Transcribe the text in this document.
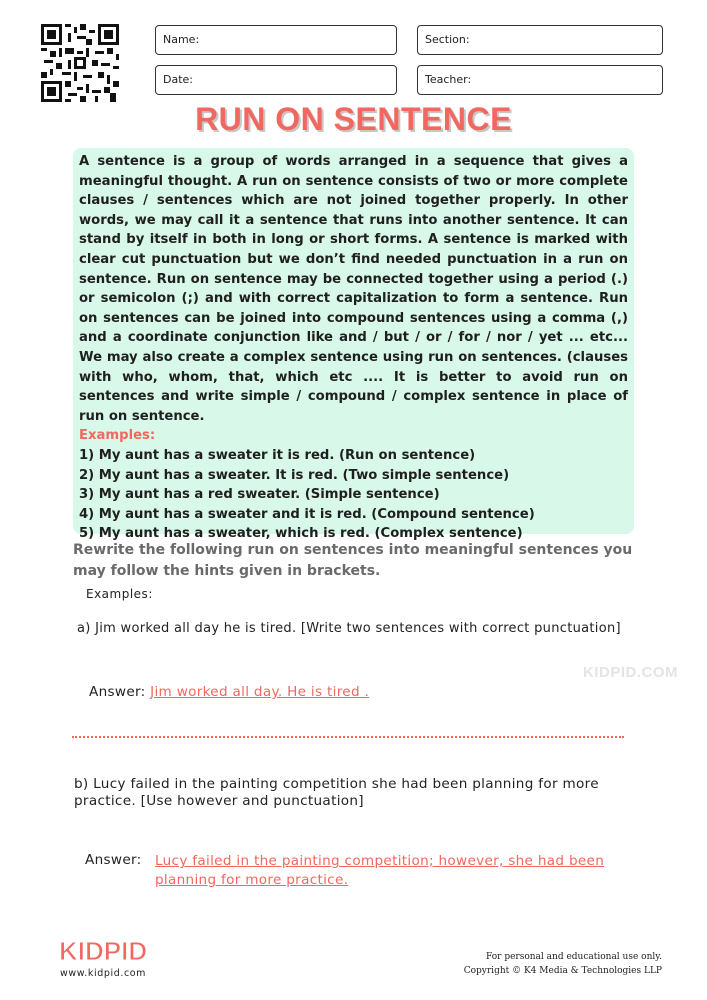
Name:	Section:
Date:	Teacher:
RUN ON SENTENCE

A sentence is a group of words arranged in a sequence that gives a meaningful thought. A run on sentence consists of two or more complete clauses / sentences which are not joined together properly. In other words, we may call it a sentence that runs into another sentence. It can stand by itself in both in long or short forms. A sentence is marked with clear cut punctuation but we don’t find needed punctuation in a run on sentence. Run on sentence may be connected together using a period (.) or semicolon (;) and with correct capitalization to form a sentence. Run on sentences can be joined into compound sentences using a comma (,) and a coordinate conjunction like and / but / or / for / nor / yet ... etc... We may also create a complex sentence using run on sentences. (clauses with who, whom, that, which etc .... It is better to avoid run on sentences and write simple / compound / complex sentence in place of run on sentence.

Examples:

1) My aunt has a sweater it is red. (Run on sentence)

2) My aunt has a sweater. It is red. (Two simple sentence)

3) My aunt has a red sweater. (Simple sentence)

4) My aunt has a sweater and it is red. (Compound sentence)

5) My aunt has a sweater, which is red. (Complex sentence)

Rewrite the following run on sentences into meaningful sentences you may follow the hints given in brackets.
Examples:
a) Jim worked all day he is tired. [Write two sentences with correct punctuation]
KIDPID.COM
Answer: Jim worked all day. He is tired .
b) Lucy failed in the painting competition she had been planning for more practice. [Use however and punctuation]
Answer: Lucy failed in the painting competition; however, she had been planning for more practice.
KIDPID
www.kidpid.com
For personal and educational use only.
Copyright © K4 Media & Technologies LLP
